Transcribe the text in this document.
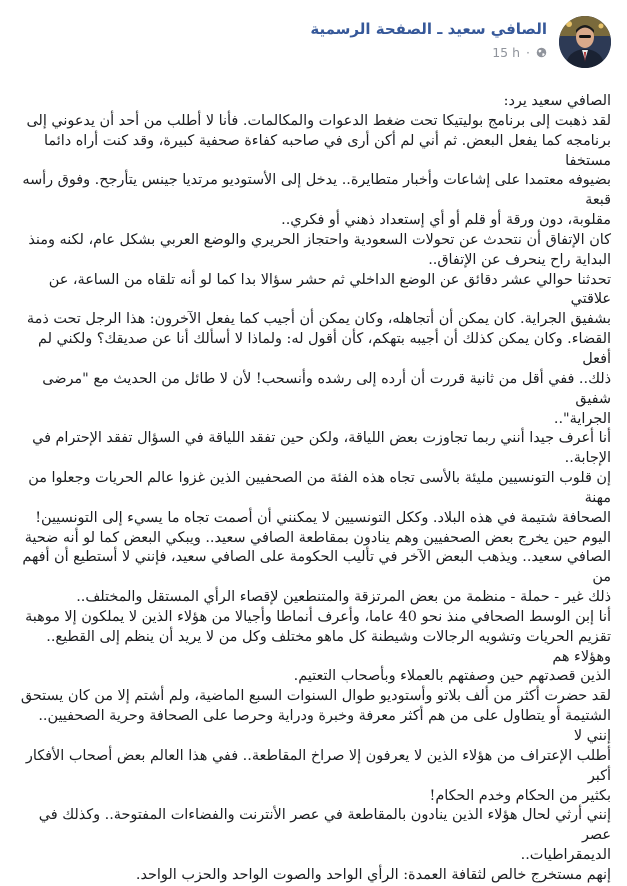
الصافي سعيد ـ الصفحة الرسمية
15 h ·

الصافي سعيد يرد:
لقد ذهبت إلى برنامج بوليتيكا تحت ضغط الدعوات والمكالمات. فأنا لا أطلب من أحد أن يدعوني إلى
برنامجه كما يفعل البعض. ثم أني لم أكن أرى في صاحبه كفاءة صحفية كبيرة، وقد كنت أراه دائما مستخفا
بضيوفه معتمدا على إشاعات وأخبار متطايرة.. يدخل إلى الأستوديو مرتديا جينس يتأرجح. وفوق رأسه قبعة
مقلوبة، دون ورقة أو قلم أو أي إستعداد ذهني أو فكري..

كان الإتفاق أن نتحدث عن تحولات السعودية واحتجاز الحريري والوضع العربي بشكل عام، لكنه ومنذ
البداية راح ينحرف عن الإتفاق..

تحدثنا حوالي عشر دقائق عن الوضع الداخلي ثم حشر سؤالا بدا كما لو أنه تلقاه من الساعة، عن علاقتي
بشفيق الجراية. كان يمكن أن أتجاهله، وكان يمكن أن أجيب كما يفعل الآخرون: هذا الرجل تحت ذمة
القضاء. وكان يمكن كذلك أن أجيبه بتهكم، كأن أقول له: ولماذا لا أسألك أنا عن صديقك؟ ولكني لم أفعل
ذلك.. ففي أقل من ثانية قررت أن أرده إلى رشده وأنسحب! لأن لا طائل من الحديث مع "مرضى شفيق
الجراية"..

أنا أعرف جيدا أنني ربما تجاوزت بعض اللياقة، ولكن حين تفقد اللياقة في السؤال تفقد الإحترام في الإجابة..
إن قلوب التونسيين مليئة بالأسى تجاه هذه الفئة من الصحفيين الذين غزوا عالم الحريات وجعلوا من مهنة
الصحافة شتيمة في هذه البلاد. وككل التونسيين لا يمكنني أن أصمت تجاه ما يسيء إلى التونسيين!

اليوم حين يخرج بعض الصحفيين وهم ينادون بمقاطعة الصافي سعيد.. ويبكي البعض كما لو أنه ضحية
الصافي سعيد.. ويذهب البعض الآخر في تأليب الحكومة على الصافي سعيد، فإنني لا أستطيع أن أفهم من
ذلك غير - حملة - منظمة من بعض المرتزقة والمتنطعين لإقصاء الرأي المستقل والمختلف..

أنا إبن الوسط الصحافي منذ نحو 40 عاما، وأعرف أنماطا وأجيالا من هؤلاء الذين لا يملكون إلا موهبة
تقزيم الحريات وتشويه الرجالات وشيطنة كل ماهو مختلف وكل من لا يريد أن ينظم إلى القطيع.. وهؤلاء هم
الذين قصدتهم حين وصفتهم بالعملاء وبأصحاب التعتيم.

لقد حضرت أكثر من ألف بلاتو وأستوديو طوال السنوات السبع الماضية، ولم أشتم إلا من كان يستحق
الشتيمة أو يتطاول على من هم أكثر معرفة وخبرة ودراية وحرصا على الصحافة وحرية الصحفيين.. إنني لا
أطلب الإعتراف من هؤلاء الذين لا يعرفون إلا صراخ المقاطعة.. ففي هذا العالم بعض أصحاب الأفكار أكبر
بكثير من الحكام وخدم الحكام!

إنني أرثي لحال هؤلاء الذين ينادون بالمقاطعة في عصر الأنترنت والفضاءات المفتوحة.. وكذلك في عصر
الديمقراطيات..

إنهم مستخرج خالص لثقافة العمدة: الرأي الواحد والصوت الواحد والحزب الواحد.
